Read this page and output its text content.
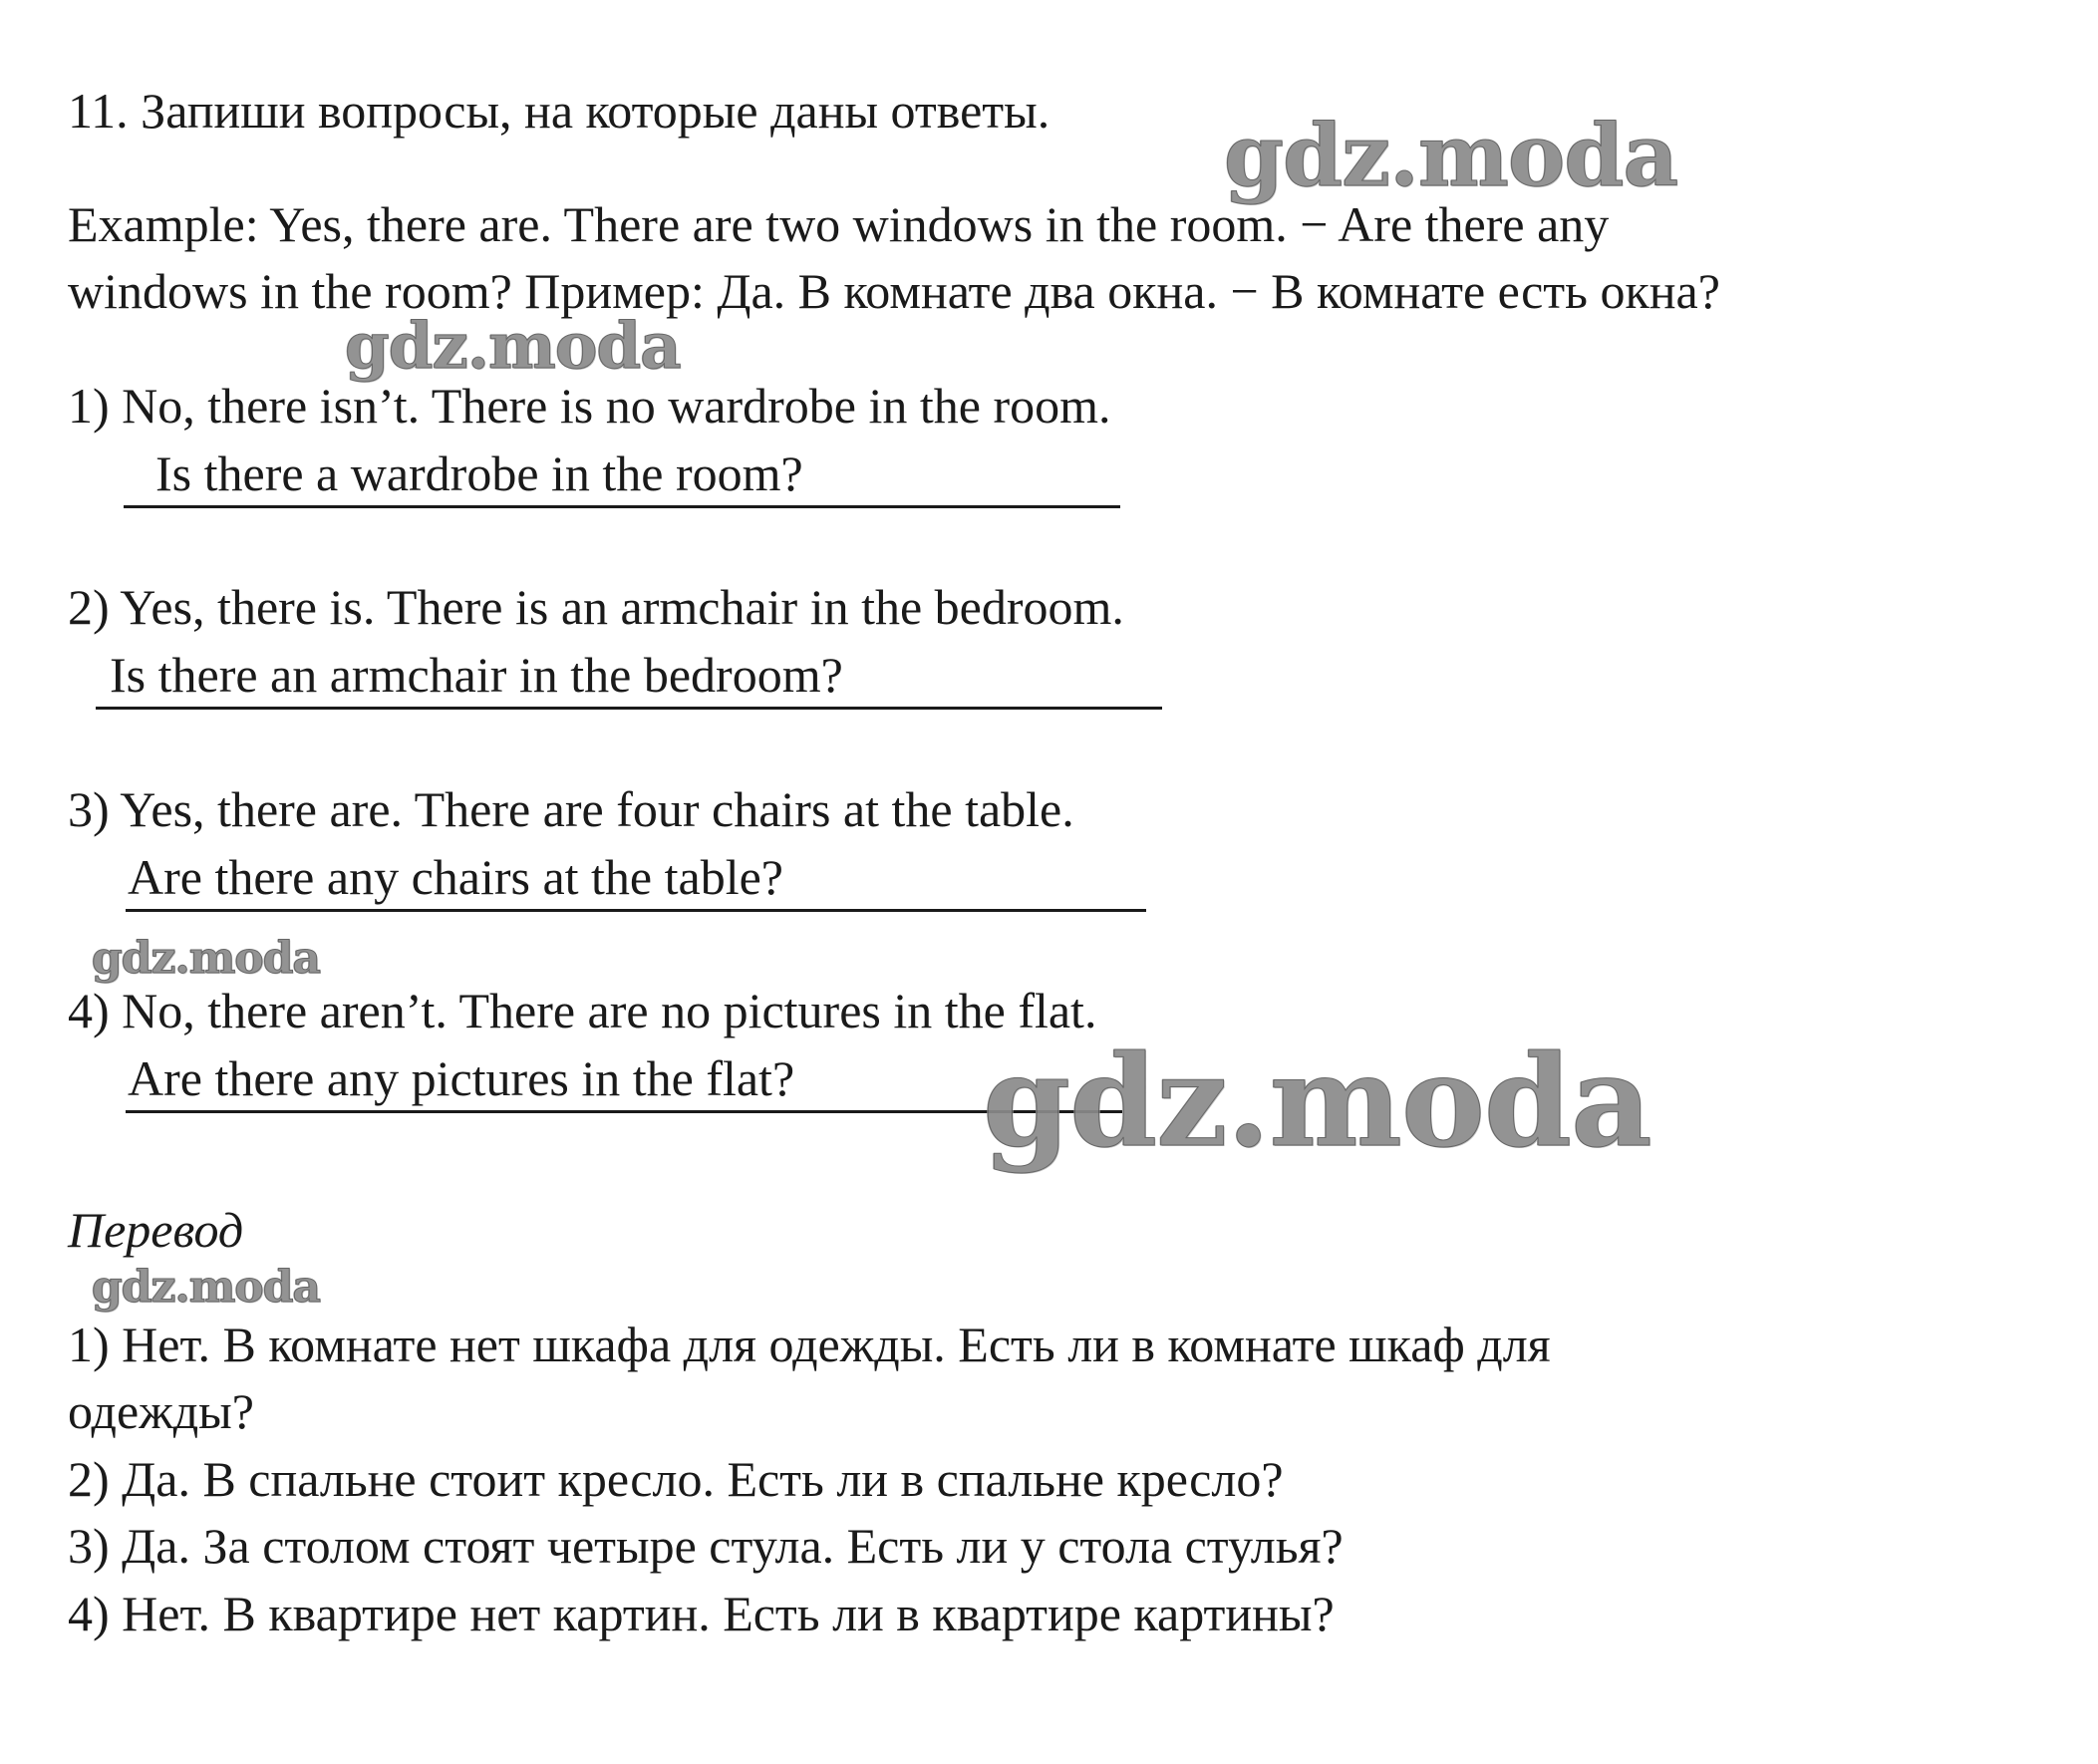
11. Запиши вопросы, на которые даны ответы.
Example: Yes, there are. There are two windows in the room. − Are there any
windows in the room? Пример: Да. В комнате два окна. − В комнате есть окна?
1) No, there isn’t. There is no wardrobe in the room.
Is there a wardrobe in the room?
2) Yes, there is. There is an armchair in the bedroom.
Is there an armchair in the bedroom?
3) Yes, there are. There are four chairs at the table.
Are there any chairs at the table?
4) No, there aren’t. There are no pictures in the flat.
Are there any pictures in the flat?
Перевод
1) Нет. В комнате нет шкафа для одежды. Есть ли в комнате шкаф для
одежды?
2) Да. В спальне стоит кресло. Есть ли в спальне кресло?
3) Да. За столом стоят четыре стула. Есть ли у стола стулья?
4) Нет. В квартире нет картин. Есть ли в квартире картины?
gdz.moda
gdz.moda
gdz.moda
gdz.moda
gdz.moda
